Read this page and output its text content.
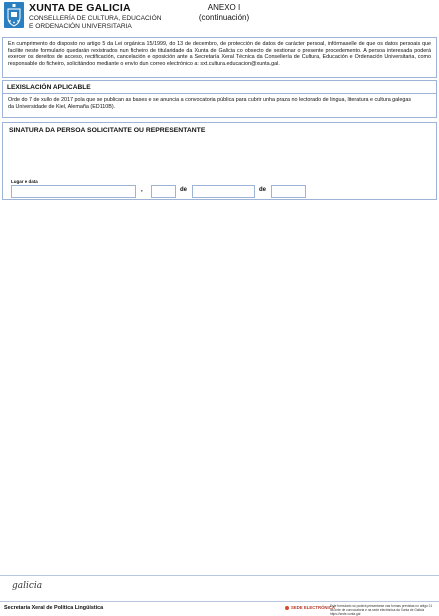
XUNTA DE GALICIA
CONSELLERÍA DE CULTURA, EDUCACIÓN
E ORDENACIÓN UNIVERSITARIA
ANEXO I
(continuación)

En cumprimento do disposto no artigo 5 da Lei orgánica 15/1999, do 13 de decembro, de protección de datos de carácter persoal, infórmaselle de que os datos persoais que facilite neste formulario quedarán rexistrados nun ficheiro de titularidade da Xunta de Galicia co obxecto de xestionar o presente procedemento. A persoa interesada poderá exercer os dereitos de acceso, rectificación, cancelación e oposición ante a Secretaría Xeral Técnica da Consellería de Cultura, Educación e Ordenación Universitaria, como responsable do ficheiro, solicitándoo mediante o envío dun correo electrónico a: sxt.cultura.educacion@xunta.gal.

LEXISLACIÓN APLICABLE
Orde do 7 de xullo de 2017 pola que se publican as bases e se anuncia a convocatoria pública para cubrir unha praza no lectorado de lingua, literatura e cultura galegas da Universidade de Kiel, Alemaña (ED110B).
SINATURA DA PERSOA SOLICITANTE OU REPRESENTANTE
Lugar e data
,	de	de
galicia
Secretaría Xeral de Política Lingüística	SEDE ELECTRÓNICA
Este formulario só poderá presentarse nas formas previstas no artigo 21 da orde de convocatoria e na sede electrónica da Xunta de Galicia https://sede.xunta.gal
